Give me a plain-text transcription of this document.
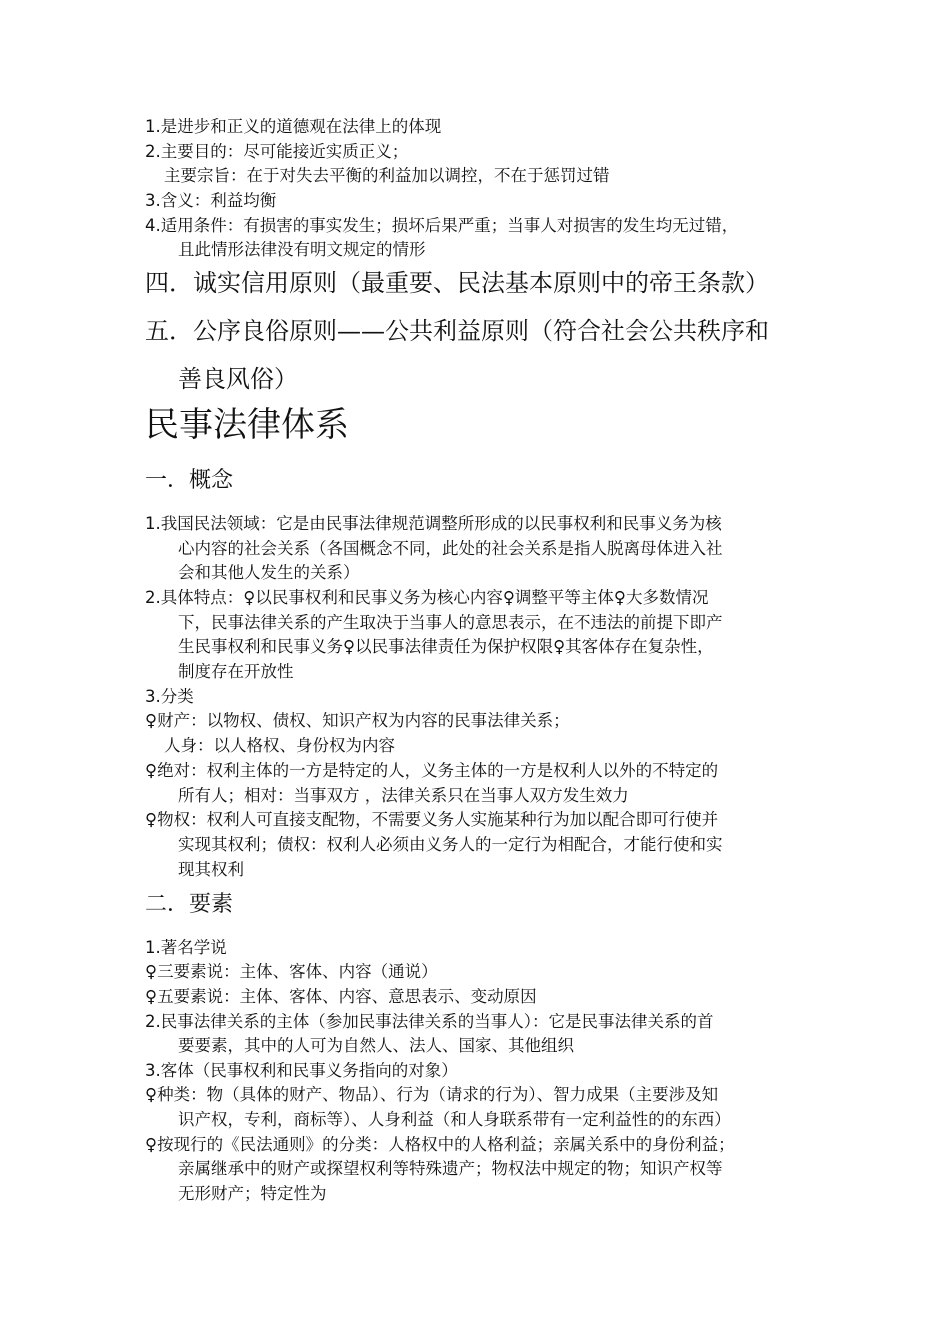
1.是进步和正义的道德观在法律上的体现
2.主要目的：尽可能接近实质正义；
主要宗旨：在于对失去平衡的利益加以调控，不在于惩罚过错
3.含义：利益均衡
4.适用条件：有损害的事实发生；损坏后果严重；当事人对损害的发生均无过错，
且此情形法律没有明文规定的情形
四．诚实信用原则（最重要、民法基本原则中的帝王条款）
五．公序良俗原则——公共利益原则（符合社会公共秩序和
善良风俗）
民事法律体系
一．概念
1.我国民法领域：它是由民事法律规范调整所形成的以民事权利和民事义务为核
心内容的社会关系（各国概念不同，此处的社会关系是指人脱离母体进入社
会和其他人发生的关系）
2.具体特点：♀以民事权利和民事义务为核心内容♀调整平等主体♀大多数情况
下，民事法律关系的产生取决于当事人的意思表示，在不违法的前提下即产
生民事权利和民事义务♀以民事法律责任为保护权限♀其客体存在复杂性，
制度存在开放性
3.分类
♀财产：以物权、债权、知识产权为内容的民事法律关系；
人身：以人格权、身份权为内容
♀绝对：权利主体的一方是特定的人，义务主体的一方是权利人以外的不特定的
所有人；相对：当事双方 ，法律关系只在当事人双方发生效力
♀物权：权利人可直接支配物，不需要义务人实施某种行为加以配合即可行使并
实现其权利；债权：权利人必须由义务人的一定行为相配合，才能行使和实
现其权利
二．要素
1.著名学说
♀三要素说：主体、客体、内容（通说）
♀五要素说：主体、客体、内容、意思表示、变动原因
2.民事法律关系的主体（参加民事法律关系的当事人）：它是民事法律关系的首
要要素，其中的人可为自然人、法人、国家、其他组织
3.客体（民事权利和民事义务指向的对象）
♀种类：物（具体的财产、物品）、行为（请求的行为）、智力成果（主要涉及知
识产权，专利，商标等）、人身利益（和人身联系带有一定利益性的的东西）
♀按现行的《民法通则》的分类：人格权中的人格利益；亲属关系中的身份利益；
亲属继承中的财产或探望权利等特殊遗产；物权法中规定的物；知识产权等
无形财产；特定性为
